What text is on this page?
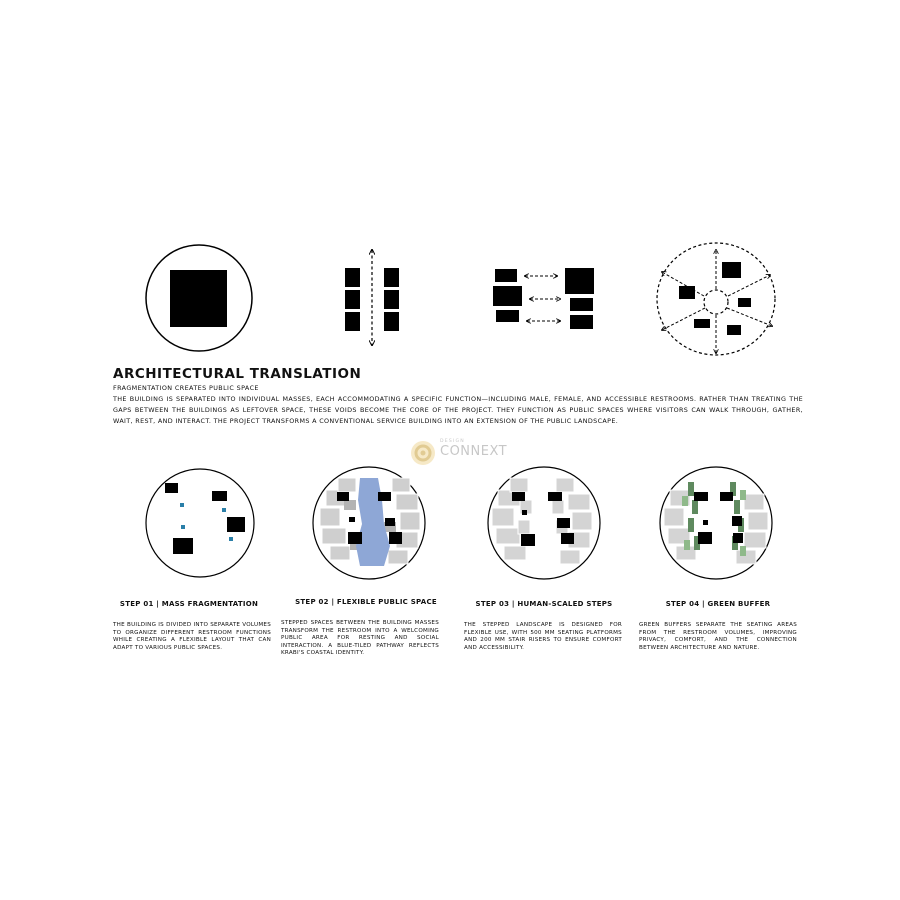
ARCHITECTURAL TRANSLATION
FRAGMENTATION CREATES PUBLIC SPACE
THE BUILDING IS SEPARATED INTO INDIVIDUAL MASSES, EACH ACCOMMODATING A SPECIFIC FUNCTION—INCLUDING MALE, FEMALE, AND ACCESSIBLE RESTROOMS. RATHER THAN TREATING THE GAPS BETWEEN THE BUILDINGS AS LEFTOVER SPACE, THESE VOIDS BECOME THE CORE OF THE PROJECT. THEY FUNCTION AS PUBLIC SPACES WHERE VISITORS CAN WALK THROUGH, GATHER, WAIT, REST, AND INTERACT. THE PROJECT TRANSFORMS A CONVENTIONAL SERVICE BUILDING INTO AN EXTENSION OF THE PUBLIC LANDSCAPE.
DESIGN
CONNEXT
STEP 01 | MASS FRAGMENTATION
THE BUILDING IS DIVIDED INTO SEPARATE VOLUMES TO ORGANIZE DIFFERENT RESTROOM FUNCTIONS WHILE CREATING A FLEXIBLE LAYOUT THAT CAN ADAPT TO VARIOUS PUBLIC SPACES.
STEP 02 | FLEXIBLE PUBLIC SPACE
STEPPED SPACES BETWEEN THE BUILDING MASSES TRANSFORM THE RESTROOM INTO A WELCOMING PUBLIC AREA FOR RESTING AND SOCIAL INTERACTION. A BLUE-TILED PATHWAY REFLECTS KRABI'S COASTAL IDENTITY.
STEP 03 | HUMAN-SCALED STEPS
THE STEPPED LANDSCAPE IS DESIGNED FOR FLEXIBLE USE, WITH 500 MM SEATING PLATFORMS AND 200 MM STAIR RISERS TO ENSURE COMFORT AND ACCESSIBILITY.
STEP 04 | GREEN BUFFER
GREEN BUFFERS SEPARATE THE SEATING AREAS FROM THE RESTROOM VOLUMES, IMPROVING PRIVACY, COMFORT, AND THE CONNECTION BETWEEN ARCHITECTURE AND NATURE.
